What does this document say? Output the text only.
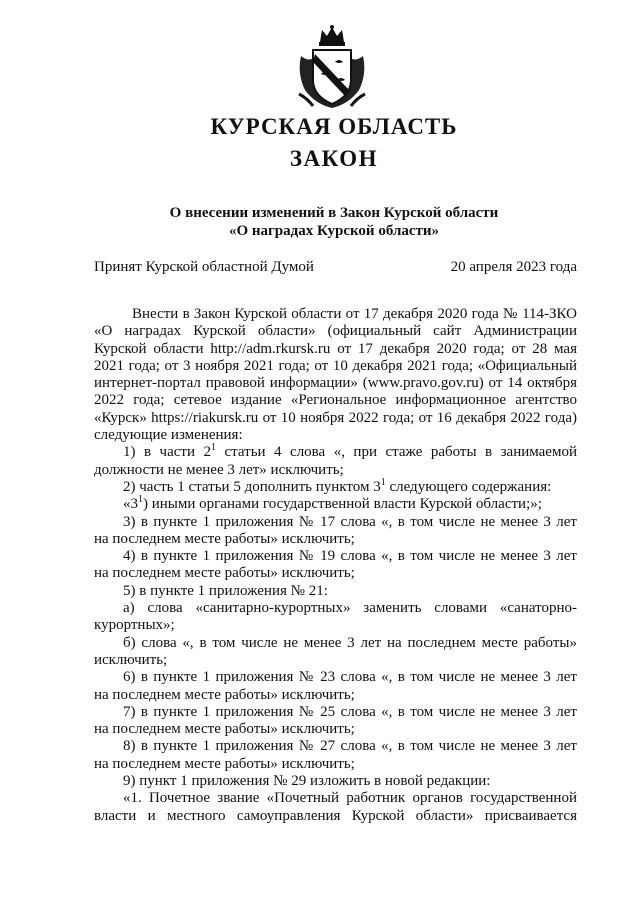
КУРСКАЯ ОБЛАСТЬ
ЗАКОН
О внесении изменений в Закон Курской области
«О наградах Курской области»
Принят Курской областной Думой	20 апреля 2023 года
Внести в Закон Курской области от 17 декабря 2020 года № 114-ЗКО
«О наградах Курской области» (официальный сайт Администрации
Курской области http://adm.rkursk.ru от 17 декабря 2020 года; от 28 мая
2021 года; от 3 ноября 2021 года; от 10 декабря 2021 года; «Официальный
интернет-портал правовой информации» (www.pravo.gov.ru) от 14 октября
2022 года; сетевое издание «Региональное информационное агентство
«Курск» https://riakursk.ru от 10 ноября 2022 года; от 16 декабря 2022 года)
следующие изменения:
1) в части $2^1$ статьи 4 слова «, при стаже работы в занимаемой
должности не менее 3 лет» исключить;
2) часть 1 статьи 5 дополнить пунктом $3^1$ следующего содержания:
«$3^1$) иными органами государственной власти Курской области;»;
3) в пункте 1 приложения № 17 слова «, в том числе не менее 3 лет
на последнем месте работы» исключить;
4) в пункте 1 приложения № 19 слова «, в том числе не менее 3 лет
на последнем месте работы» исключить;
5) в пункте 1 приложения № 21:
а) слова «санитарно-курортных» заменить словами «санаторно-
курортных»;
б) слова «, в том числе не менее 3 лет на последнем месте работы»
исключить;
6) в пункте 1 приложения № 23 слова «, в том числе не менее 3 лет
на последнем месте работы» исключить;
7) в пункте 1 приложения № 25 слова «, в том числе не менее 3 лет
на последнем месте работы» исключить;
8) в пункте 1 приложения № 27 слова «, в том числе не менее 3 лет
на последнем месте работы» исключить;
9) пункт 1 приложения № 29 изложить в новой редакции:
«1. Почетное звание «Почетный работник органов государственной
власти и местного самоуправления Курской области» присваивается
